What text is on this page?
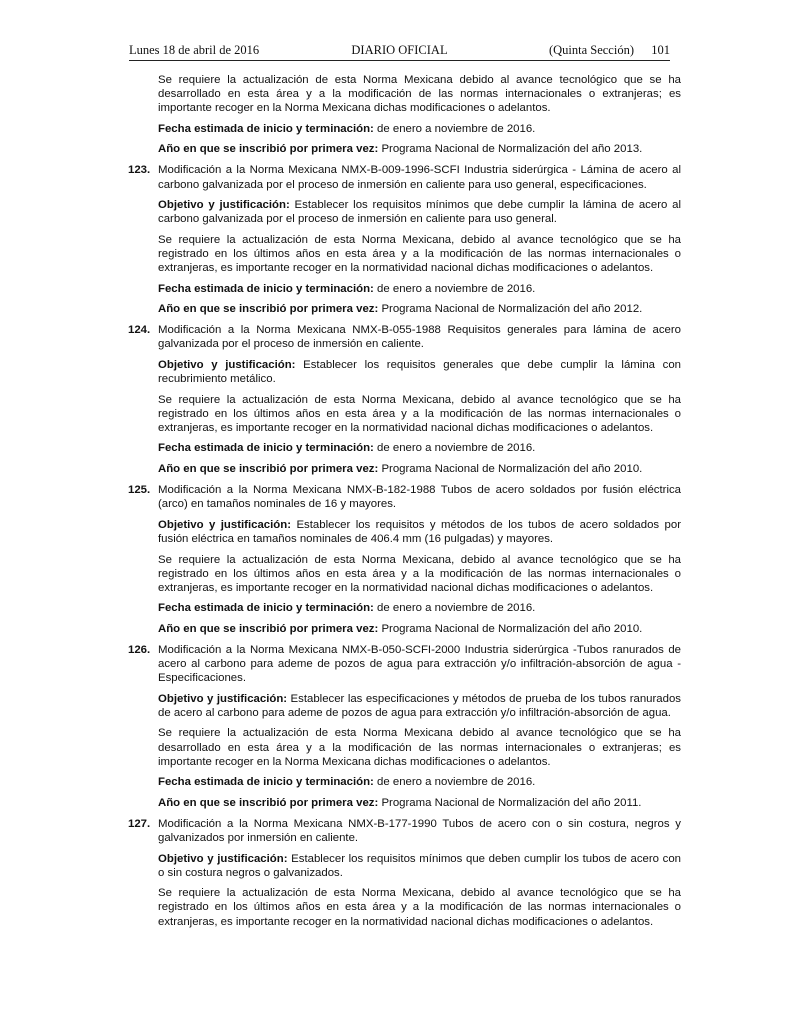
Lunes 18 de abril de 2016	DIARIO OFICIAL	(Quinta Sección) 101

Se requiere la actualización de esta Norma Mexicana debido al avance tecnológico que se ha desarrollado en esta área y a la modificación de las normas internacionales o extranjeras; es importante recoger en la Norma Mexicana dichas modificaciones o adelantos.

Fecha estimada de inicio y terminación: de enero a noviembre de 2016.

Año en que se inscribió por primera vez: Programa Nacional de Normalización del año 2013.

123. Modificación a la Norma Mexicana NMX-B-009-1996-SCFI Industria siderúrgica - Lámina de acero al carbono galvanizada por el proceso de inmersión en caliente para uso general, especificaciones.

Objetivo y justificación: Establecer los requisitos mínimos que debe cumplir la lámina de acero al carbono galvanizada por el proceso de inmersión en caliente para uso general.

Se requiere la actualización de esta Norma Mexicana, debido al avance tecnológico que se ha registrado en los últimos años en esta área y a la modificación de las normas internacionales o extranjeras, es importante recoger en la normatividad nacional dichas modificaciones o adelantos.

Fecha estimada de inicio y terminación: de enero a noviembre de 2016.

Año en que se inscribió por primera vez: Programa Nacional de Normalización del año 2012.

124. Modificación a la Norma Mexicana NMX-B-055-1988 Requisitos generales para lámina de acero galvanizada por el proceso de inmersión en caliente.

Objetivo y justificación: Establecer los requisitos generales que debe cumplir la lámina con recubrimiento metálico.

Se requiere la actualización de esta Norma Mexicana, debido al avance tecnológico que se ha registrado en los últimos años en esta área y a la modificación de las normas internacionales o extranjeras, es importante recoger en la normatividad nacional dichas modificaciones o adelantos.

Fecha estimada de inicio y terminación: de enero a noviembre de 2016.

Año en que se inscribió por primera vez: Programa Nacional de Normalización del año 2010.

125. Modificación a la Norma Mexicana NMX-B-182-1988 Tubos de acero soldados por fusión eléctrica (arco) en tamaños nominales de 16 y mayores.

Objetivo y justificación: Establecer los requisitos y métodos de los tubos de acero soldados por fusión eléctrica en tamaños nominales de 406.4 mm (16 pulgadas) y mayores.

Se requiere la actualización de esta Norma Mexicana, debido al avance tecnológico que se ha registrado en los últimos años en esta área y a la modificación de las normas internacionales o extranjeras, es importante recoger en la normatividad nacional dichas modificaciones o adelantos.

Fecha estimada de inicio y terminación: de enero a noviembre de 2016.

Año en que se inscribió por primera vez: Programa Nacional de Normalización del año 2010.

126. Modificación a la Norma Mexicana NMX-B-050-SCFI-2000 Industria siderúrgica -Tubos ranurados de acero al carbono para ademe de pozos de agua para extracción y/o infiltración-absorción de agua - Especificaciones.

Objetivo y justificación: Establecer las especificaciones y métodos de prueba de los tubos ranurados de acero al carbono para ademe de pozos de agua para extracción y/o infiltración-absorción de agua.

Se requiere la actualización de esta Norma Mexicana debido al avance tecnológico que se ha desarrollado en esta área y a la modificación de las normas internacionales o extranjeras; es importante recoger en la Norma Mexicana dichas modificaciones o adelantos.

Fecha estimada de inicio y terminación: de enero a noviembre de 2016.

Año en que se inscribió por primera vez: Programa Nacional de Normalización del año 2011.

127. Modificación a la Norma Mexicana NMX-B-177-1990 Tubos de acero con o sin costura, negros y galvanizados por inmersión en caliente.

Objetivo y justificación: Establecer los requisitos mínimos que deben cumplir los tubos de acero con o sin costura negros o galvanizados.

Se requiere la actualización de esta Norma Mexicana, debido al avance tecnológico que se ha registrado en los últimos años en esta área y a la modificación de las normas internacionales o extranjeras, es importante recoger en la normatividad nacional dichas modificaciones o adelantos.
